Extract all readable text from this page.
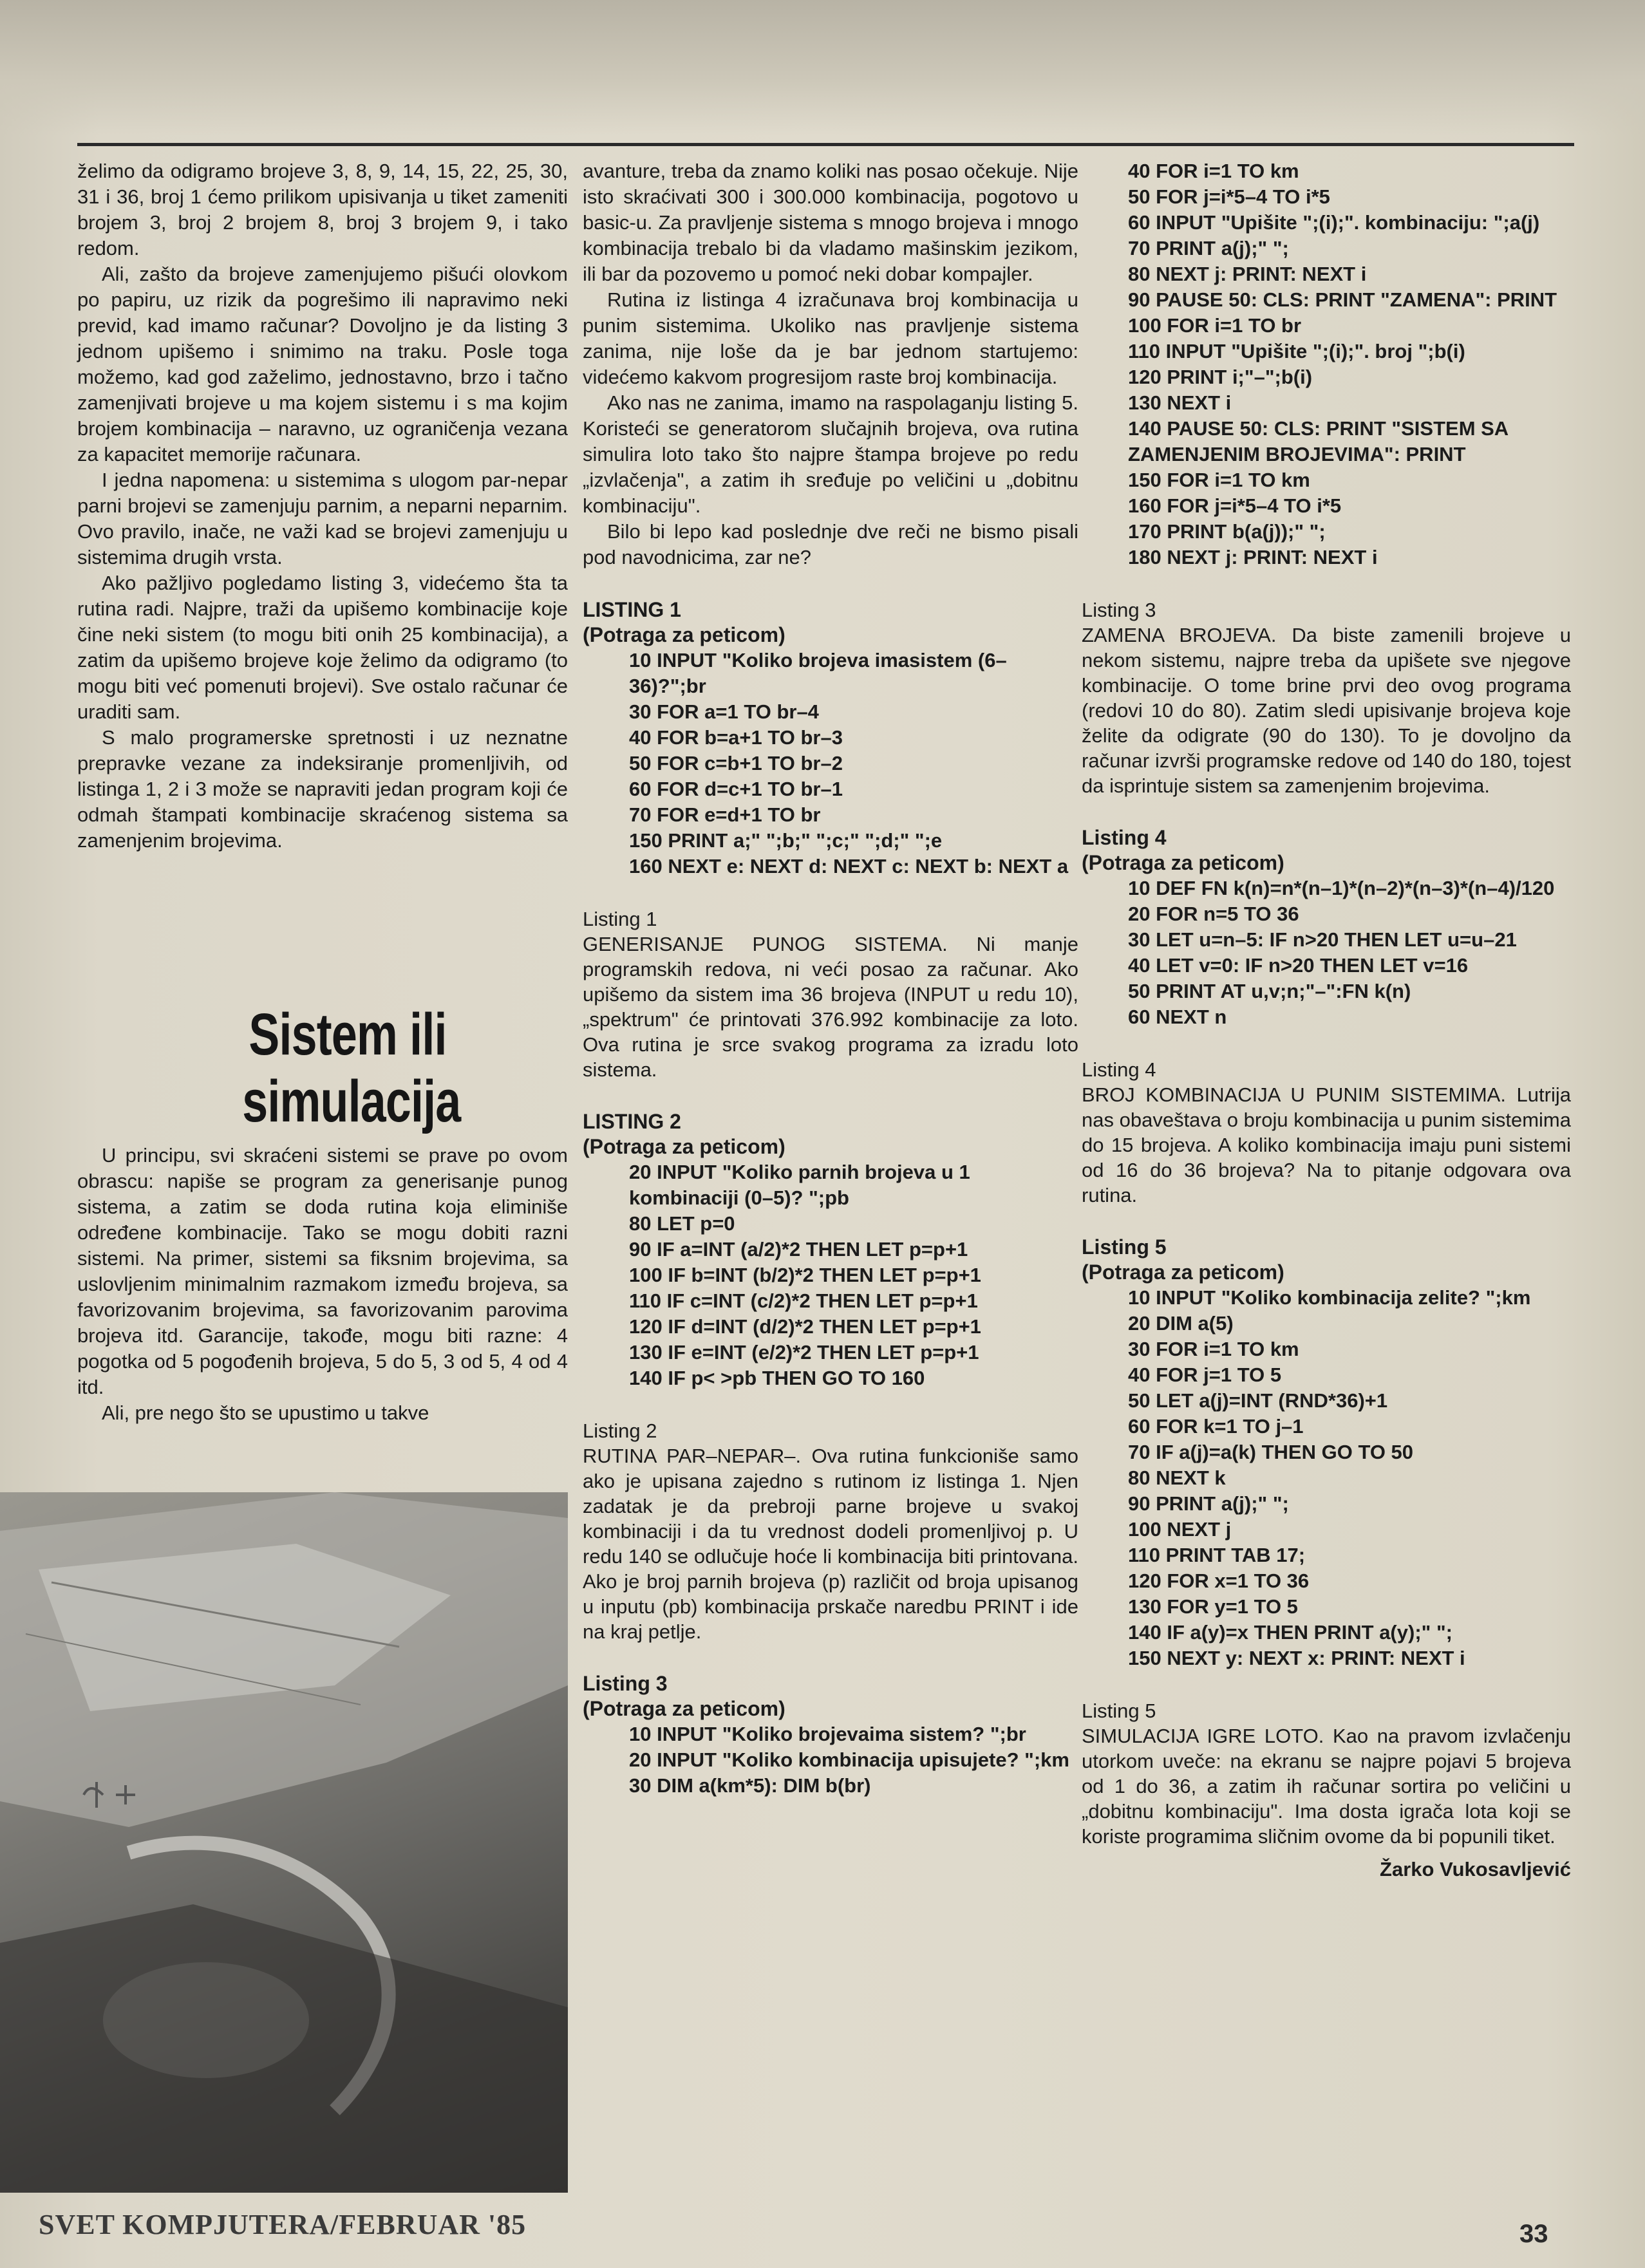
želimo da odigramo brojeve 3, 8, 9, 14, 15, 22, 25, 30, 31 i 36, broj 1 ćemo prilikom upisivanja u tiket zameniti brojem 3, broj 2 brojem 8, broj 3 brojem 9, i tako redom.

Ali, zašto da brojeve zamenjujemo pišući olovkom po papiru, uz rizik da pogrešimo ili napravimo neki previd, kad imamo računar? Dovoljno je da listing 3 jednom upišemo i snimimo na traku. Posle toga možemo, kad god zaželimo, jednostavno, brzo i tačno zamenjivati brojeve u ma kojem sistemu i s ma kojim brojem kombinacija – naravno, uz ograničenja vezana za kapacitet memorije računara.

I jedna napomena: u sistemima s ulogom par-nepar parni brojevi se zamenjuju parnim, a neparni neparnim. Ovo pravilo, inače, ne važi kad se brojevi zamenjuju u sistemima drugih vrsta.

Ako pažljivo pogledamo listing 3, videćemo šta ta rutina radi. Najpre, traži da upišemo kombinacije koje čine neki sistem (to mogu biti onih 25 kombinacija), a zatim da upišemo brojeve koje želimo da odigramo (to mogu biti već pomenuti brojevi). Sve ostalo računar će uraditi sam.

S malo programerske spretnosti i uz neznatne prepravke vezane za indeksiranje promenljivih, od listinga 1, 2 i 3 može se napraviti jedan program koji će odmah štampati kombinacije skraćenog sistema sa zamenjenim brojevima.

Sistem ili
simulacija

U principu, svi skraćeni sistemi se prave po ovom obrascu: napiše se program za generisanje punog sistema, a zatim se doda rutina koja eliminiše određene kombinacije. Tako se mogu dobiti razni sistemi. Na primer, sistemi sa fiksnim brojevima, sa uslovljenim minimalnim razmakom između brojeva, sa favorizovanim brojevima, sa favorizovanim parovima brojeva itd. Garancije, takođe, mogu biti razne: 4 pogotka od 5 pogođenih brojeva, 5 do 5, 3 od 5, 4 od 4 itd.

Ali, pre nego što se upustimo u takve

avanture, treba da znamo koliki nas posao očekuje. Nije isto skraćivati 300 i 300.000 kombinacija, pogotovo u basic-u. Za pravljenje sistema s mnogo brojeva i mnogo kombinacija trebalo bi da vladamo mašinskim jezikom, ili bar da pozovemo u pomoć neki dobar kompajler.

Rutina iz listinga 4 izračunava broj kombinacija u punim sistemima. Ukoliko nas pravljenje sistema zanima, nije loše da je bar jednom startujemo: videćemo kakvom progresijom raste broj kombinacija.

Ako nas ne zanima, imamo na raspolaganju listing 5. Koristeći se generatorom slučajnih brojeva, ova rutina simulira loto tako što najpre štampa brojeve po redu „izvlačenja", a zatim ih sređuje po veličini u „dobitnu kombinaciju".

Bilo bi lepo kad poslednje dve reči ne bismo pisali pod navodnicima, zar ne?

LISTING 1

(Potraga za peticom)

10 INPUT "Koliko brojeva imasistem (6–36)?";br
30 FOR a=1 TO br–4
40 FOR b=a+1 TO br–3
50 FOR c=b+1 TO br–2
60 FOR d=c+1 TO br–1
70 FOR e=d+1 TO br
150 PRINT a;" ";b;" ";c;" ";d;" ";e
160 NEXT e: NEXT d: NEXT c: NEXT b: NEXT a

Listing 1

GENERISANJE PUNOG SISTEMA. Ni manje programskih redova, ni veći posao za računar. Ako upišemo da sistem ima 36 brojeva (INPUT u redu 10), „spektrum" će printovati 376.992 kombinacije za loto. Ova rutina je srce svakog programa za izradu loto sistema.

LISTING 2

(Potraga za peticom)

20 INPUT "Koliko parnih brojeva u 1 kombinaciji (0–5)? ";pb
80 LET p=0
90 IF a=INT (a/2)*2 THEN LET p=p+1
100 IF b=INT (b/2)*2 THEN LET p=p+1
110 IF c=INT (c/2)*2 THEN LET p=p+1
120 IF d=INT (d/2)*2 THEN LET p=p+1
130 IF e=INT (e/2)*2 THEN LET p=p+1
140 IF p< >pb THEN GO TO 160

Listing 2

RUTINA PAR–NEPAR–. Ova rutina funkcioniše samo ako je upisana zajedno s rutinom iz listinga 1. Njen zadatak je da prebroji parne brojeve u svakoj kombinaciji i da tu vrednost dodeli promenljivoj p. U redu 140 se odlučuje hoće li kombinacija biti printovana. Ako je broj parnih brojeva (p) različit od broja upisanog u inputu (pb) kombinacija prskače naredbu PRINT i ide na kraj petlje.

Listing 3

(Potraga za peticom)

10 INPUT "Koliko brojevaima sistem? ";br
20 INPUT "Koliko kombinacija upisujete? ";km
30 DIM a(km*5): DIM b(br)
40 FOR i=1 TO km
50 FOR j=i*5–4 TO i*5
60 INPUT "Upišite ";(i);". kombinaciju: ";a(j)
70 PRINT a(j);" ";
80 NEXT j: PRINT: NEXT i
90 PAUSE 50: CLS: PRINT "ZAMENA": PRINT
100 FOR i=1 TO br
110 INPUT "Upišite ";(i);". broj ";b(i)
120 PRINT i;"–";b(i)
130 NEXT i
140 PAUSE 50: CLS: PRINT "SISTEM SA ZAMENJENIM BROJEVIMA": PRINT
150 FOR i=1 TO km
160 FOR j=i*5–4 TO i*5
170 PRINT b(a(j));" ";
180 NEXT j: PRINT: NEXT i

Listing 3

ZAMENA BROJEVA. Da biste zamenili brojeve u nekom sistemu, najpre treba da upišete sve njegove kombinacije. O tome brine prvi deo ovog programa (redovi 10 do 80). Zatim sledi upisivanje brojeva koje želite da odigrate (90 do 130). To je dovoljno da računar izvrši programske redove od 140 do 180, tojest da isprintuje sistem sa zamenjenim brojevima.

Listing 4

(Potraga za peticom)

10 DEF FN k(n)=n*(n–1)*(n–2)*(n–3)*(n–4)/120
20 FOR n=5 TO 36
30 LET u=n–5: IF n>20 THEN LET u=u–21
40 LET v=0: IF n>20 THEN LET v=16
50 PRINT AT u,v;n;"–":FN k(n)
60 NEXT n

Listing 4

BROJ KOMBINACIJA U PUNIM SISTEMIMA. Lutrija nas obaveštava o broju kombinacija u punim sistemima do 15 brojeva. A koliko kombinacija imaju puni sistemi od 16 do 36 brojeva? Na to pitanje odgovara ova rutina.

Listing 5

(Potraga za peticom)

10 INPUT "Koliko kombinacija zelite? ";km
20 DIM a(5)
30 FOR i=1 TO km
40 FOR j=1 TO 5
50 LET a(j)=INT (RND*36)+1
60 FOR k=1 TO j–1
70 IF a(j)=a(k) THEN GO TO 50
80 NEXT k
90 PRINT a(j);" ";
100 NEXT j
110 PRINT TAB 17;
120 FOR x=1 TO 36
130 FOR y=1 TO 5
140 IF a(y)=x THEN PRINT a(y);" ";
150 NEXT y: NEXT x: PRINT: NEXT i

Listing 5

SIMULACIJA IGRE LOTO. Kao na pravom izvlačenju utorkom uveče: na ekranu se najpre pojavi 5 brojeva od 1 do 36, a zatim ih računar sortira po veličini u „dobitnu kombinaciju". Ima dosta igrača lota koji se koriste programima sličnim ovome da bi popunili tiket.

Žarko Vukosavljević

SVET KOMPJUTERA/FEBRUAR '85	33
